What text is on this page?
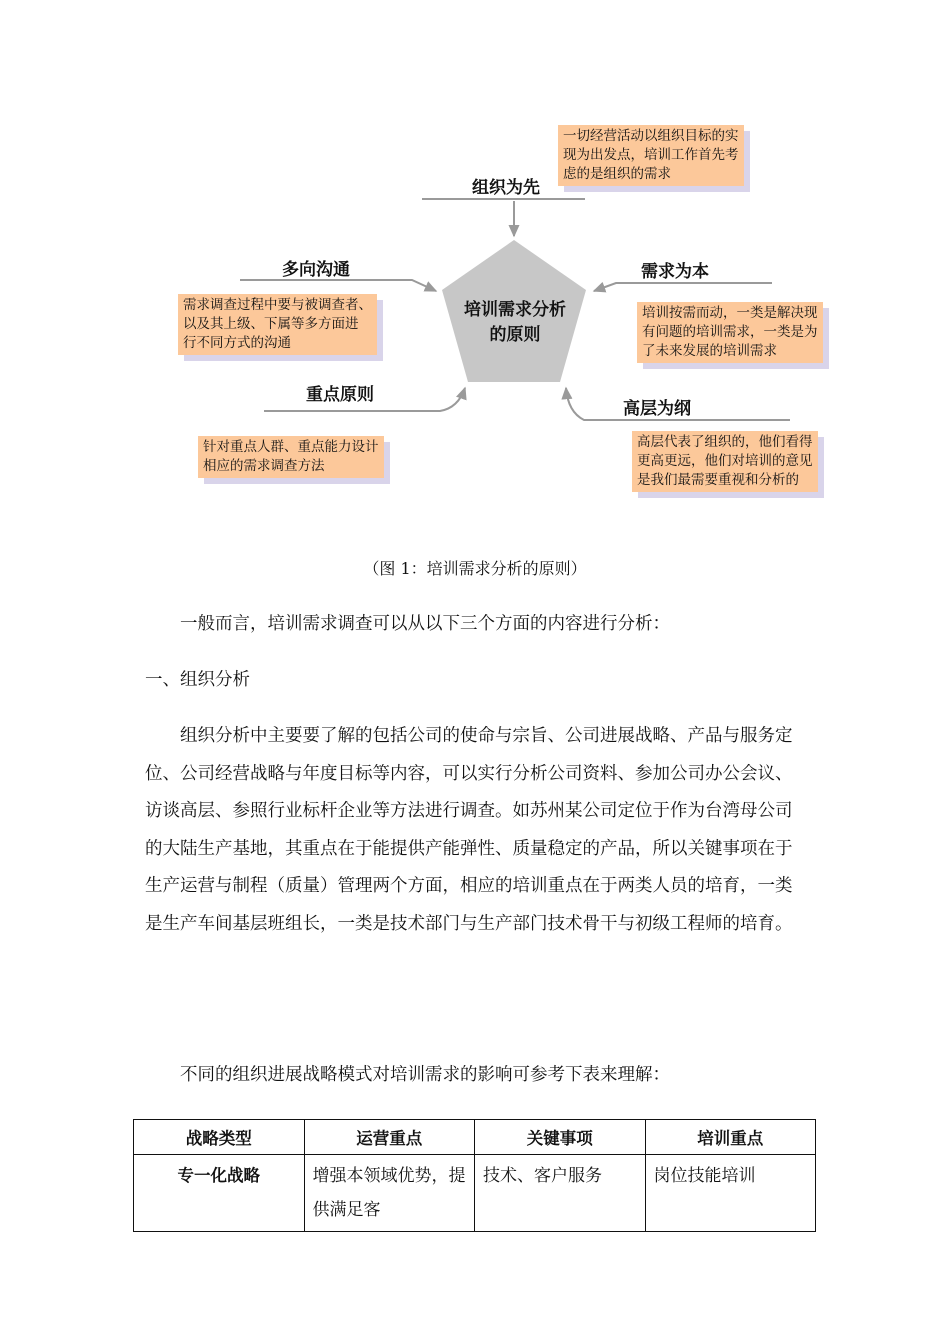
培训需求分析
的原则
组织为先
多向沟通	需求为本
重点原则
高层为纲
一切经营活动以组织目标的实
现为出发点，培训工作首先考
虑的是组织的需求
需求调查过程中要与被调查者、
以及其上级、下属等多方面进
行不同方式的沟通
培训按需而动，一类是解决现
有问题的培训需求，一类是为
了未来发展的培训需求
针对重点人群、重点能力设计
相应的需求调查方法
高层代表了组织的，他们看得
更高更远，他们对培训的意见
是我们最需要重视和分析的
（图 1：培训需求分析的原则）
一般而言，培训需求调查可以从以下三个方面的内容进行分析：
一、组织分析
组织分析中主要要了解的包括公司的使命与宗旨、公司进展战略、产品与服务定位、公司经营战略与年度目标等内容，可以实行分析公司资料、参加公司办公会议、访谈高层、参照行业标杆企业等方法进行调查。如苏州某公司定位于作为台湾母公司的大陆生产基地，其重点在于能提供产能弹性、质量稳定的产品，所以关键事项在于生产运营与制程（质量）管理两个方面，相应的培训重点在于两类人员的培育，一类是生产车间基层班组长，一类是技术部门与生产部门技术骨干与初级工程师的培育。
不同的组织进展战略模式对培训需求的影响可参考下表来理解：
战略类型	运营重点	关键事项	培训重点
专一化战略	增强本领域优势，提供满足客	技术、客户服务	岗位技能培训
